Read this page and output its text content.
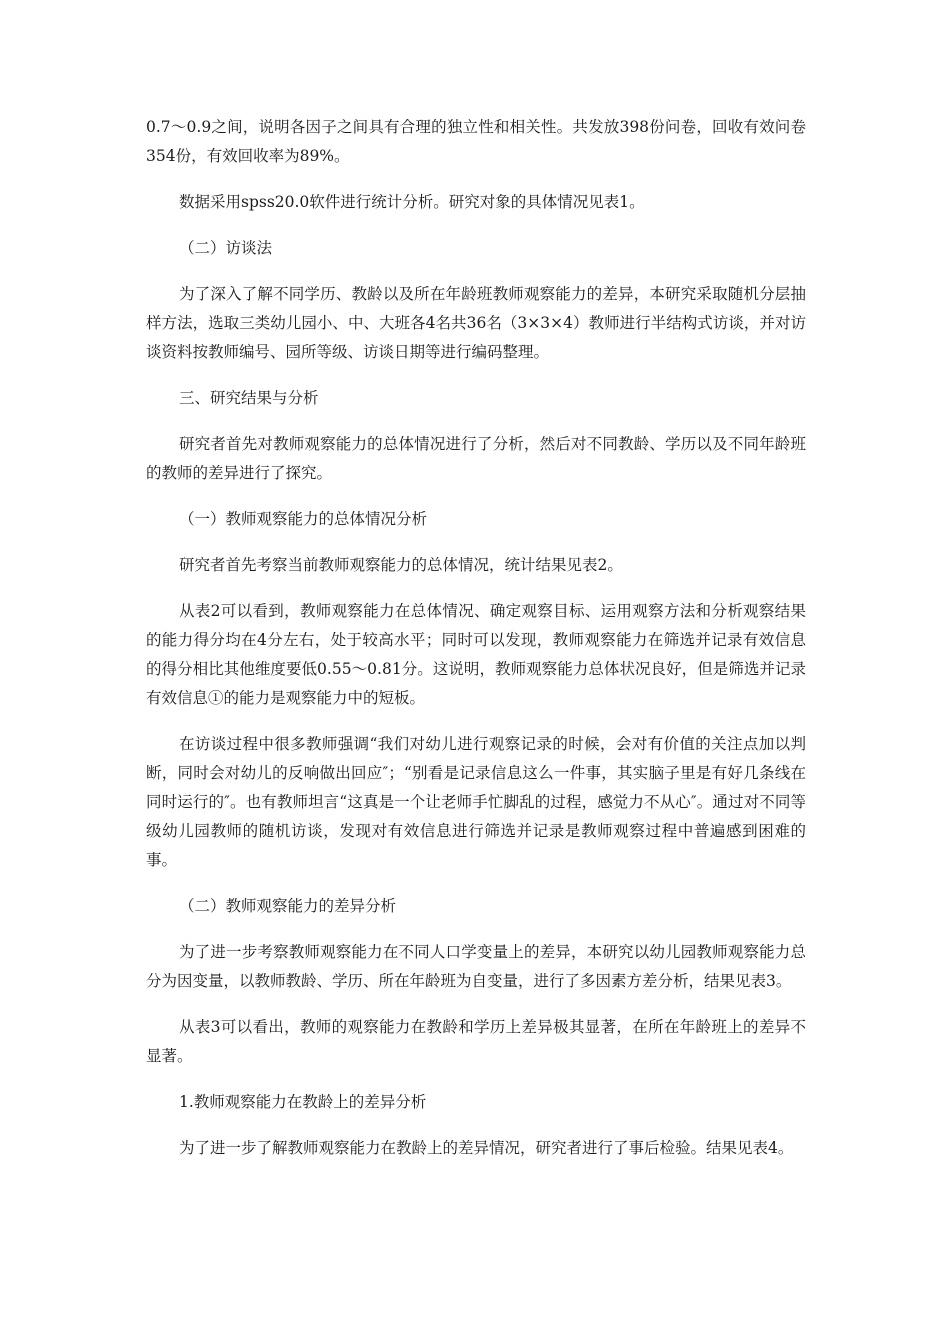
0.7～0.9之间，说明各因子之间具有合理的独立性和相关性。共发放398份问卷，回收有效问卷354份，有效回收率为89%。

数据采用spss20.0软件进行统计分析。研究对象的具体情况见表1。

（二）访谈法

为了深入了解不同学历、教龄以及所在年龄班教师观察能力的差异，本研究采取随机分层抽样方法，选取三类幼儿园小、中、大班各4名共36名（3×3×4）教师进行半结构式访谈，并对访谈资料按教师编号、园所等级、访谈日期等进行编码整理。

三、研究结果与分析

研究者首先对教师观察能力的总体情况进行了分析，然后对不同教龄、学历以及不同年龄班的教师的差异进行了探究。

（一）教师观察能力的总体情况分析

研究者首先考察当前教师观察能力的总体情况，统计结果见表2。

从表2可以看到，教师观察能力在总体情况、确定观察目标、运用观察方法和分析观察结果的能力得分均在4分左右，处于较高水平；同时可以发现，教师观察能力在筛选并记录有效信息的得分相比其他维度要低0.55～0.81分。这说明，教师观察能力总体状况良好，但是筛选并记录有效信息①的能力是观察能力中的短板。

在访谈过程中很多教师强调“我们对幼儿进行观察记录的时候，会对有价值的关注点加以判断，同时会对幼儿的反响做出回应″；“别看是记录信息这么一件事，其实脑子里是有好几条线在同时运行的″。也有教师坦言“这真是一个让老师手忙脚乱的过程，感觉力不从心″。通过对不同等级幼儿园教师的随机访谈，发现对有效信息进行筛选并记录是教师观察过程中普遍感到困难的事。

（二）教师观察能力的差异分析

为了进一步考察教师观察能力在不同人口学变量上的差异，本研究以幼儿园教师观察能力总分为因变量，以教师教龄、学历、所在年龄班为自变量，进行了多因素方差分析，结果见表3。

从表3可以看出，教师的观察能力在教龄和学历上差异极其显著，在所在年龄班上的差异不显著。

1.教师观察能力在教龄上的差异分析

为了进一步了解教师观察能力在教龄上的差异情况，研究者进行了事后检验。结果见表4。
